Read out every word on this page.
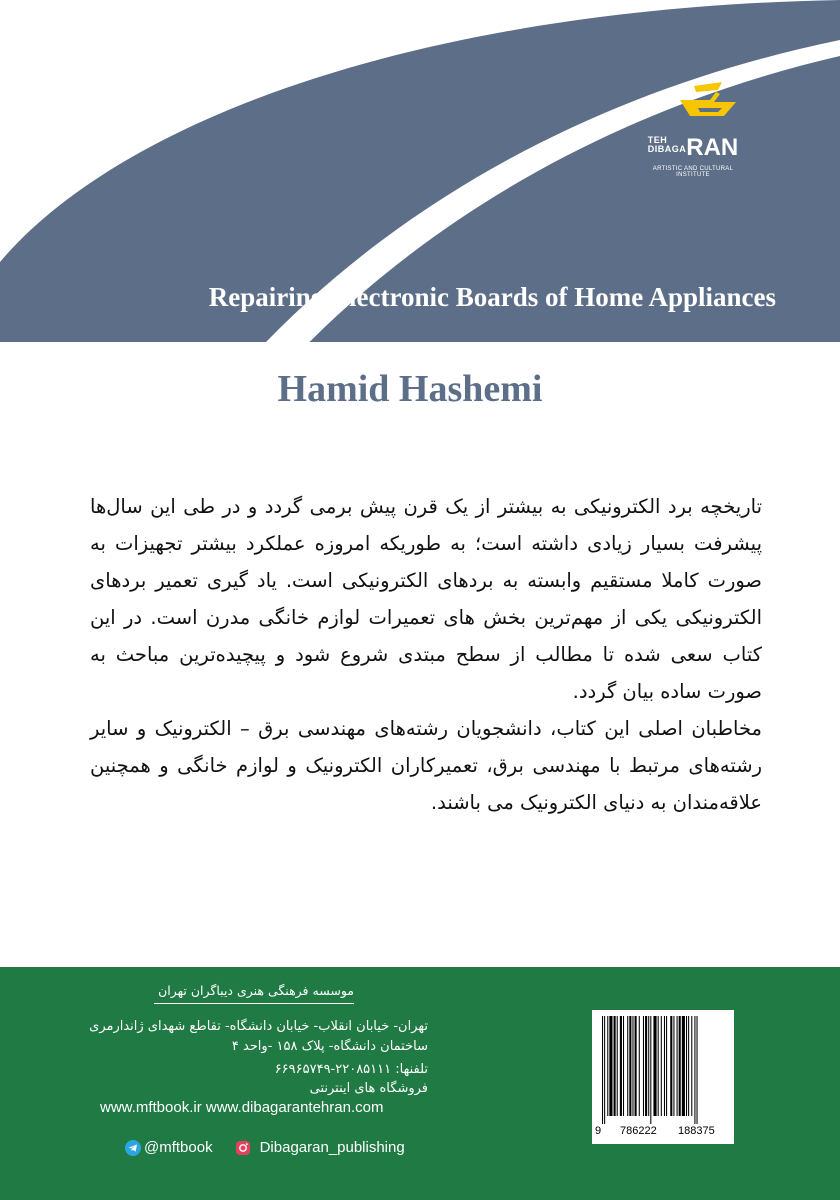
TEH
DIBAGA RAN
ARTISTIC AND CULTURAL INSTITUTE
Repairing Electronic Boards of Home Appliances
Hamid Hashemi

تاریخچه برد الکترونیکی به بیشتر از یک قرن پیش برمی گردد و در طی این سال‌ها پیشرفت بسیار زیادی داشته است؛ به طوریکه امروزه عملکرد بیشتر تجهیزات به صورت کاملا مستقیم وابسته به بردهای الکترونیکی است. یاد گیری تعمیر بردهای الکترونیکی یکی از مهم‌ترین بخش های تعمیرات لوازم خانگی مدرن است. در این کتاب سعی شده تا مطالب از سطح مبتدی شروع شود و پیچیده‌ترین مباحث به صورت ساده بیان گردد.

مخاطبان اصلی این کتاب، دانشجویان رشته‌های مهندسی برق – الکترونیک و سایر رشته‌های مرتبط با مهندسی برق، تعمیرکاران الکترونیک و لوازم خانگی و همچنین علاقه‌مندان به دنیای الکترونیک می باشند.

موسسه فرهنگی هنری دیباگران تهران
تهران- خیابان انقلاب- خیابان دانشگاه- تقاطع شهدای ژاندارمری
ساختمان دانشگاه- پلاک ۱۵۸ -واحد ۴
تلفنها: ۲۲۰۸۵۱۱۱-۶۶۹۶۵۷۴۹
فروشگاه های اینترنتی
www.mftbook.ir www.dibagarantehran.com
@mftbook	Dibagaran_publishing
9 786222 188375
